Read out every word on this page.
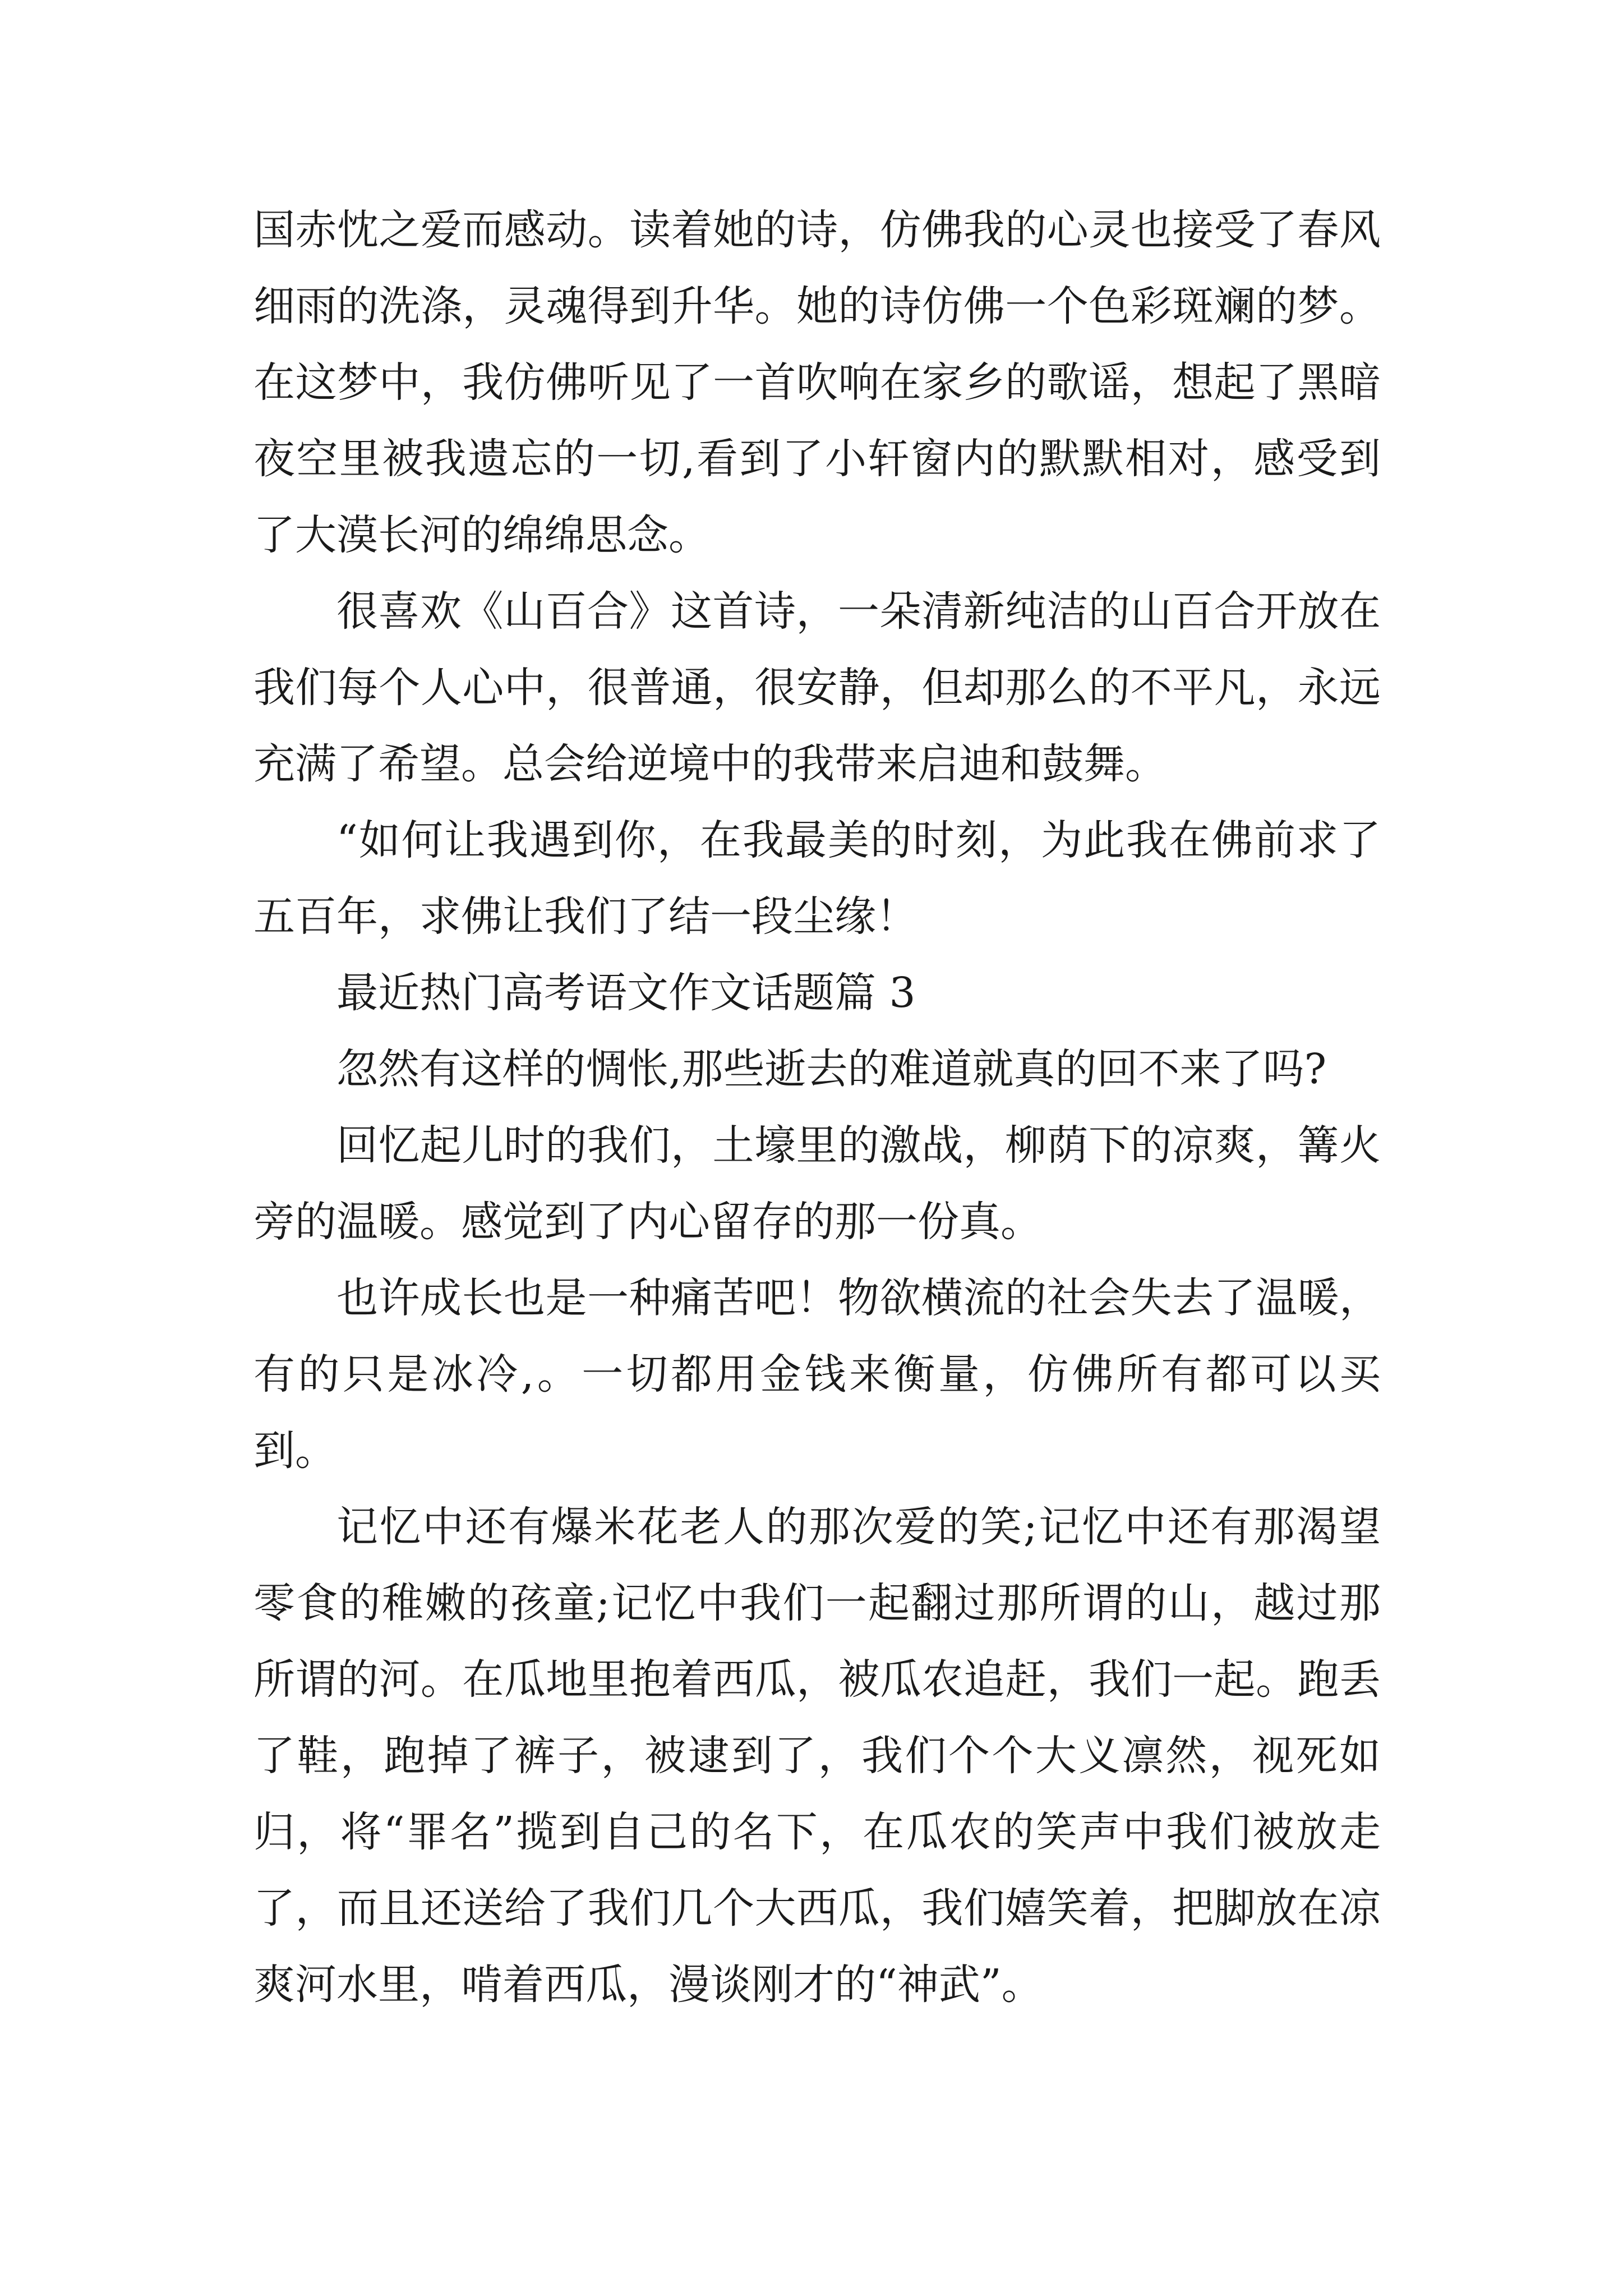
国赤忱之爱而感动。读着她的诗，仿佛我的心灵也接受了春风细雨的洗涤，灵魂得到升华。她的诗仿佛一个色彩斑斓的梦。在这梦中，我仿佛听见了一首吹响在家乡的歌谣，想起了黑暗夜空里被我遗忘的一切,看到了小轩窗内的默默相对，感受到了大漠长河的绵绵思念。

很喜欢《山百合》这首诗，一朵清新纯洁的山百合开放在我们每个人心中，很普通，很安静，但却那么的不平凡，永远充满了希望。总会给逆境中的我带来启迪和鼓舞。

“如何让我遇到你，在我最美的时刻，为此我在佛前求了五百年，求佛让我们了结一段尘缘！

最近热门高考语文作文话题篇 3

忽然有这样的惆怅,那些逝去的难道就真的回不来了吗?

回忆起儿时的我们，土壕里的激战，柳荫下的凉爽，篝火旁的温暖。感觉到了内心留存的那一份真。

也许成长也是一种痛苦吧！物欲横流的社会失去了温暖，有的只是冰冷,。一切都用金钱来衡量，仿佛所有都可以买到。

记忆中还有爆米花老人的那次爱的笑;记忆中还有那渴望零食的稚嫩的孩童;记忆中我们一起翻过那所谓的山，越过那所谓的河。在瓜地里抱着西瓜，被瓜农追赶，我们一起。跑丢了鞋，跑掉了裤子，被逮到了，我们个个大义凛然，视死如归，将“罪名”揽到自己的名下，在瓜农的笑声中我们被放走了，而且还送给了我们几个大西瓜，我们嬉笑着，把脚放在凉爽河水里，啃着西瓜，漫谈刚才的“神武”。
